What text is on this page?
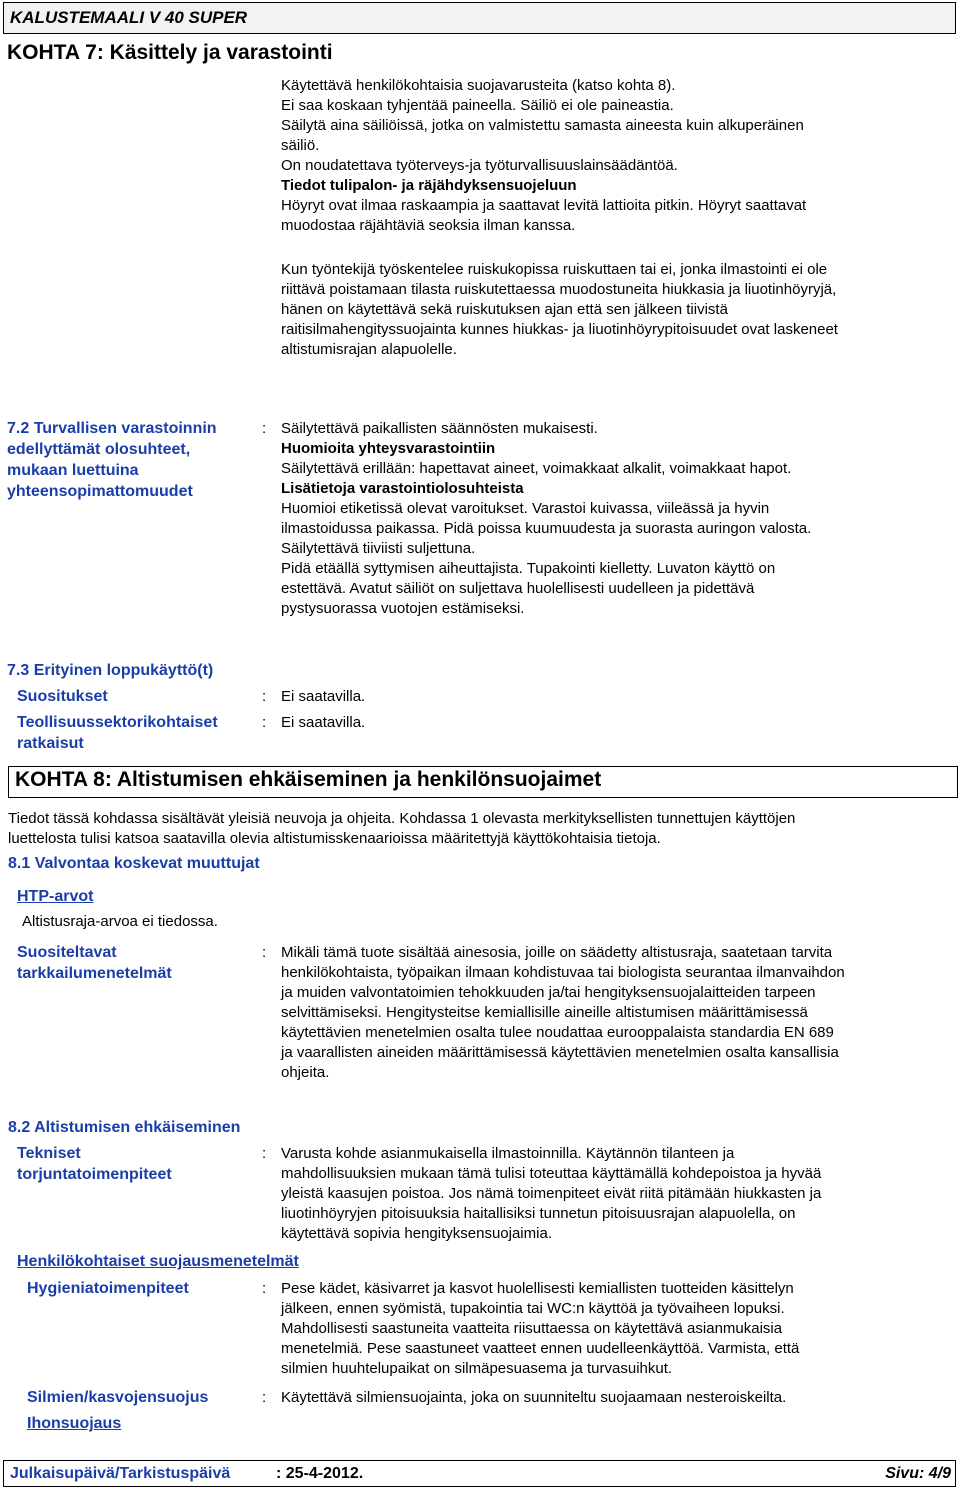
KALUSTEMAALI V 40 SUPER
KOHTA 7: Käsittely ja varastointi

Käytettävä henkilökohtaisia suojavarusteita (katso kohta 8).

Ei saa koskaan tyhjentää paineella. Säiliö ei ole paineastia.

Säilytä aina säiliöissä, jotka on valmistettu samasta aineesta kuin alkuperäinen

säiliö.

On noudatettava työterveys-ja työturvallisuuslainsäädäntöä.

Tiedot tulipalon- ja räjähdyksensuojeluun

Höyryt ovat ilmaa raskaampia ja saattavat levitä lattioita pitkin. Höyryt saattavat

muodostaa räjähtäviä seoksia ilman kanssa.

Kun työntekijä työskentelee ruiskukopissa ruiskuttaen tai ei, jonka ilmastointi ei ole

riittävä poistamaan tilasta ruiskutettaessa muodostuneita hiukkasia ja liuotinhöyryjä,

hänen on käytettävä sekä ruiskutuksen ajan että sen jälkeen tiivistä

raitisilmahengityssuojainta kunnes hiukkas- ja liuotinhöyrypitoisuudet ovat laskeneet

altistumisrajan alapuolelle.

7.2 Turvallisen varastoinnin

edellyttämät olosuhteet,

mukaan luettuina

yhteensopimattomuudet

: Säilytettävä paikallisten säännösten mukaisesti.

Huomioita yhteysvarastointiin

Säilytettävä erillään: hapettavat aineet, voimakkaat alkalit, voimakkaat hapot.

Lisätietoja varastointiolosuhteista

Huomioi etiketissä olevat varoitukset. Varastoi kuivassa, viileässä ja hyvin

ilmastoidussa paikassa. Pidä poissa kuumuudesta ja suorasta auringon valosta.

Säilytettävä tiiviisti suljettuna.

Pidä etäällä syttymisen aiheuttajista. Tupakointi kielletty. Luvaton käyttö on

estettävä. Avatut säiliöt on suljettava huolellisesti uudelleen ja pidettävä

pystysuorassa vuotojen estämiseksi.

7.3 Erityinen loppukäyttö(t)
Suositukset	: Ei saatavilla.

Teollisuussektorikohtaiset

ratkaisut

: Ei saatavilla.
KOHTA 8: Altistumisen ehkäiseminen ja henkilönsuojaimet

Tiedot tässä kohdassa sisältävät yleisiä neuvoja ja ohjeita. Kohdassa 1 olevasta merkityksellisten tunnettujen käyttöjen

luettelosta tulisi katsoa saatavilla olevia altistumisskenaarioissa määritettyjä käyttökohtaisia tietoja.

8.1 Valvontaa koskevat muuttujat
HTP-arvot
Altistusraja-arvoa ei tiedossa.

Suositeltavat

tarkkailumenetelmät

: Mikäli tämä tuote sisältää ainesosia, joille on säädetty altistusraja, saatetaan tarvita

henkilökohtaista, työpaikan ilmaan kohdistuvaa tai biologista seurantaa ilmanvaihdon

ja muiden valvontatoimien tehokkuuden ja/tai hengityksensuojalaitteiden tarpeen

selvittämiseksi. Hengitysteitse kemiallisille aineille altistumisen määrittämisessä

käytettävien menetelmien osalta tulee noudattaa eurooppalaista standardia EN 689

ja vaarallisten aineiden määrittämisessä käytettävien menetelmien osalta kansallisia

ohjeita.

8.2 Altistumisen ehkäiseminen

Tekniset

torjuntatoimenpiteet

: Varusta kohde asianmukaisella ilmastoinnilla. Käytännön tilanteen ja

mahdollisuuksien mukaan tämä tulisi toteuttaa käyttämällä kohdepoistoa ja hyvää

yleistä kaasujen poistoa. Jos nämä toimenpiteet eivät riitä pitämään hiukkasten ja

liuotinhöyryjen pitoisuuksia haitallisiksi tunnetun pitoisuusrajan alapuolella, on

käytettävä sopivia hengityksensuojaimia.

Henkilökohtaiset suojausmenetelmät
Hygieniatoimenpiteet	: Pese kädet, käsivarret ja kasvot huolellisesti kemiallisten tuotteiden käsittelyn

jälkeen, ennen syömistä, tupakointia tai WC:n käyttöä ja työvaiheen lopuksi.

Mahdollisesti saastuneita vaatteita riisuttaessa on käytettävä asianmukaisia

menetelmiä. Pese saastuneet vaatteet ennen uudelleenkäyttöä. Varmista, että

silmien huuhtelupaikat on silmäpesuasema ja turvasuihkut.

Silmien/kasvojensuojus	: Käytettävä silmiensuojainta, joka on suunniteltu suojaamaan nesteroiskeilta.
Ihonsuojaus
Julkaisupäivä/Tarkistuspäivä	: 25-4-2012.	Sivu: 4/9
